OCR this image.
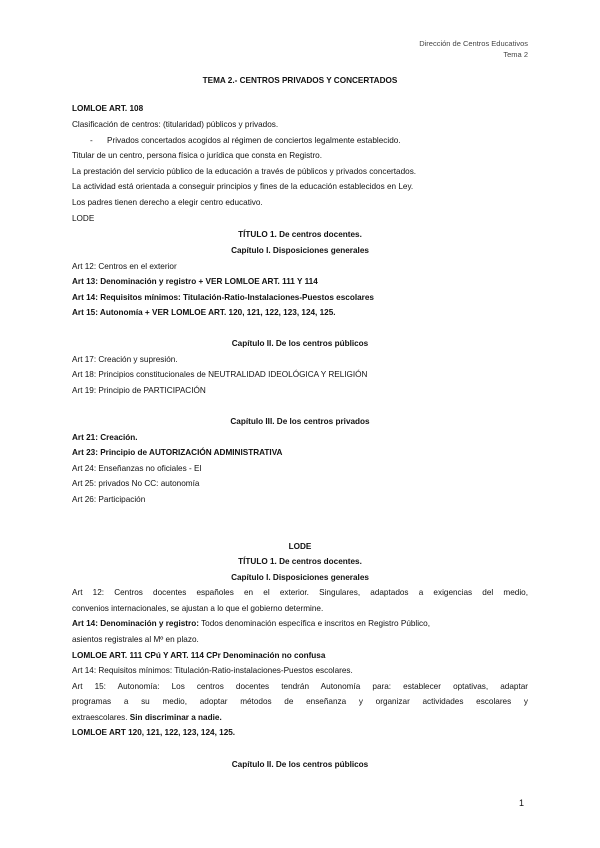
Dirección de Centros Educativos
Tema 2
TEMA 2.- CENTROS PRIVADOS Y CONCERTADOS
LOMLOE ART. 108
Clasificación de centros: (titularidad) públicos y privados.
- Privados concertados acogidos al régimen de conciertos legalmente establecido.
Titular de un centro, persona física o jurídica que consta en Registro.
La prestación del servicio público de la educación a través de públicos y privados concertados.
La actividad está orientada a conseguir principios y fines de la educación establecidos en Ley.
Los padres tienen derecho a elegir centro educativo.
LODE
TÍTULO 1. De centros docentes.
Capítulo I. Disposiciones generales
Art 12: Centros en el exterior
Art 13: Denominación y registro + VER LOMLOE ART. 111 Y 114
Art 14: Requisitos mínimos: Titulación-Ratio-Instalaciones-Puestos escolares
Art 15: Autonomía + VER LOMLOE ART. 120, 121, 122, 123, 124, 125.
Capítulo II. De los centros públicos
Art 17: Creación y supresión.
Art 18: Principios constitucionales de NEUTRALIDAD IDEOLÓGICA Y RELIGIÓN
Art 19: Principio de PARTICIPACIÓN
Capítulo III. De los centros privados
Art 21: Creación.
Art 23: Principio de AUTORIZACIÓN ADMINISTRATIVA
Art 24: Enseñanzas no oficiales - EI
Art 25: privados No CC: autonomía
Art 26: Participación
LODE
TÍTULO 1. De centros docentes.
Capítulo I. Disposiciones generales
Art 12: Centros docentes españoles en el exterior. Singulares, adaptados a exigencias del medio,
convenios internacionales, se ajustan a lo que el gobierno determine.
Art 14: Denominación y registro: Todos denominación específica e inscritos en Registro Público,
asientos registrales al Mº en plazo.
LOMLOE ART. 111 CPú Y ART. 114 CPr Denominación no confusa
Art 14: Requisitos mínimos: Titulación-Ratio-instalaciones-Puestos escolares.
Art 15: Autonomía: Los centros docentes tendrán Autonomía para: establecer optativas, adaptar
programas a su medio, adoptar métodos de enseñanza y organizar actividades escolares y
extraescolares. Sin discriminar a nadie.
LOMLOE ART 120, 121, 122, 123, 124, 125.
Capítulo II. De los centros públicos
1
